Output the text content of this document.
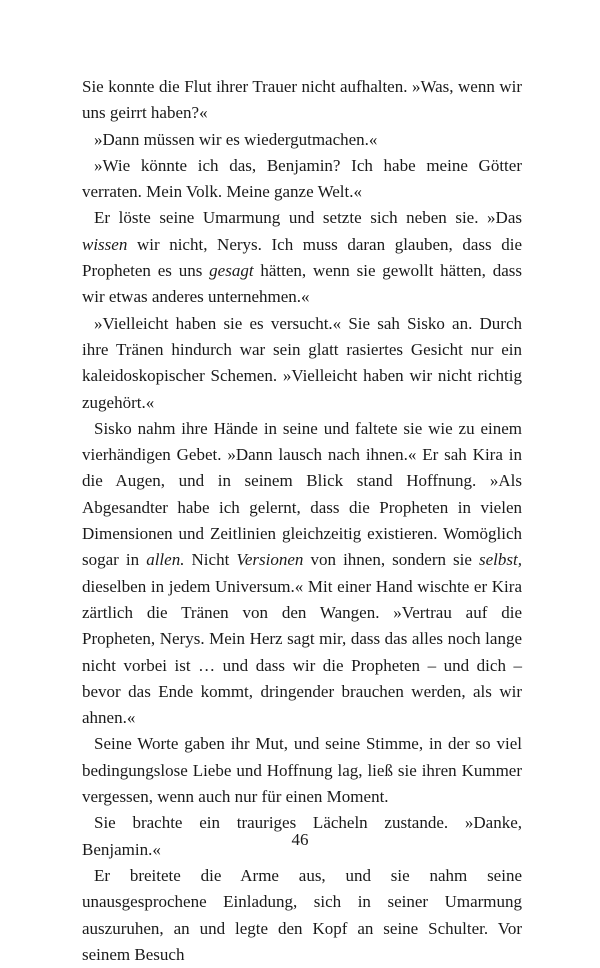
Sie konnte die Flut ihrer Trauer nicht aufhalten. »Was, wenn wir uns geirrt haben?«

»Dann müssen wir es wiedergutmachen.«

»Wie könnte ich das, Benjamin? Ich habe meine Götter verraten. Mein Volk. Meine ganze Welt.«

Er löste seine Umarmung und setzte sich neben sie. »Das wissen wir nicht, Nerys. Ich muss daran glauben, dass die Propheten es uns gesagt hätten, wenn sie gewollt hätten, dass wir etwas anderes unternehmen.«

»Vielleicht haben sie es versucht.« Sie sah Sisko an. Durch ihre Tränen hindurch war sein glatt rasiertes Gesicht nur ein kaleidoskopischer Schemen. »Vielleicht haben wir nicht richtig zugehört.«

Sisko nahm ihre Hände in seine und faltete sie wie zu einem vierhändigen Gebet. »Dann lausch nach ihnen.« Er sah Kira in die Augen, und in seinem Blick stand Hoffnung. »Als Abgesandter habe ich gelernt, dass die Propheten in vielen Dimensionen und Zeitlinien gleichzeitig existieren. Womöglich sogar in allen. Nicht Versionen von ihnen, sondern sie selbst, dieselben in jedem Universum.« Mit einer Hand wischte er Kira zärtlich die Tränen von den Wangen. »Vertrau auf die Propheten, Nerys. Mein Herz sagt mir, dass das alles noch lange nicht vorbei ist … und dass wir die Propheten – und dich – bevor das Ende kommt, dringender brauchen werden, als wir ahnen.«

Seine Worte gaben ihr Mut, und seine Stimme, in der so viel bedingungslose Liebe und Hoffnung lag, ließ sie ihren Kummer vergessen, wenn auch nur für einen Moment.

Sie brachte ein trauriges Lächeln zustande. »Danke, Benjamin.«

Er breitete die Arme aus, und sie nahm seine unausgesprochene Einladung, sich in seiner Umarmung auszuruhen, an und legte den Kopf an seine Schulter. Vor seinem Besuch

46
